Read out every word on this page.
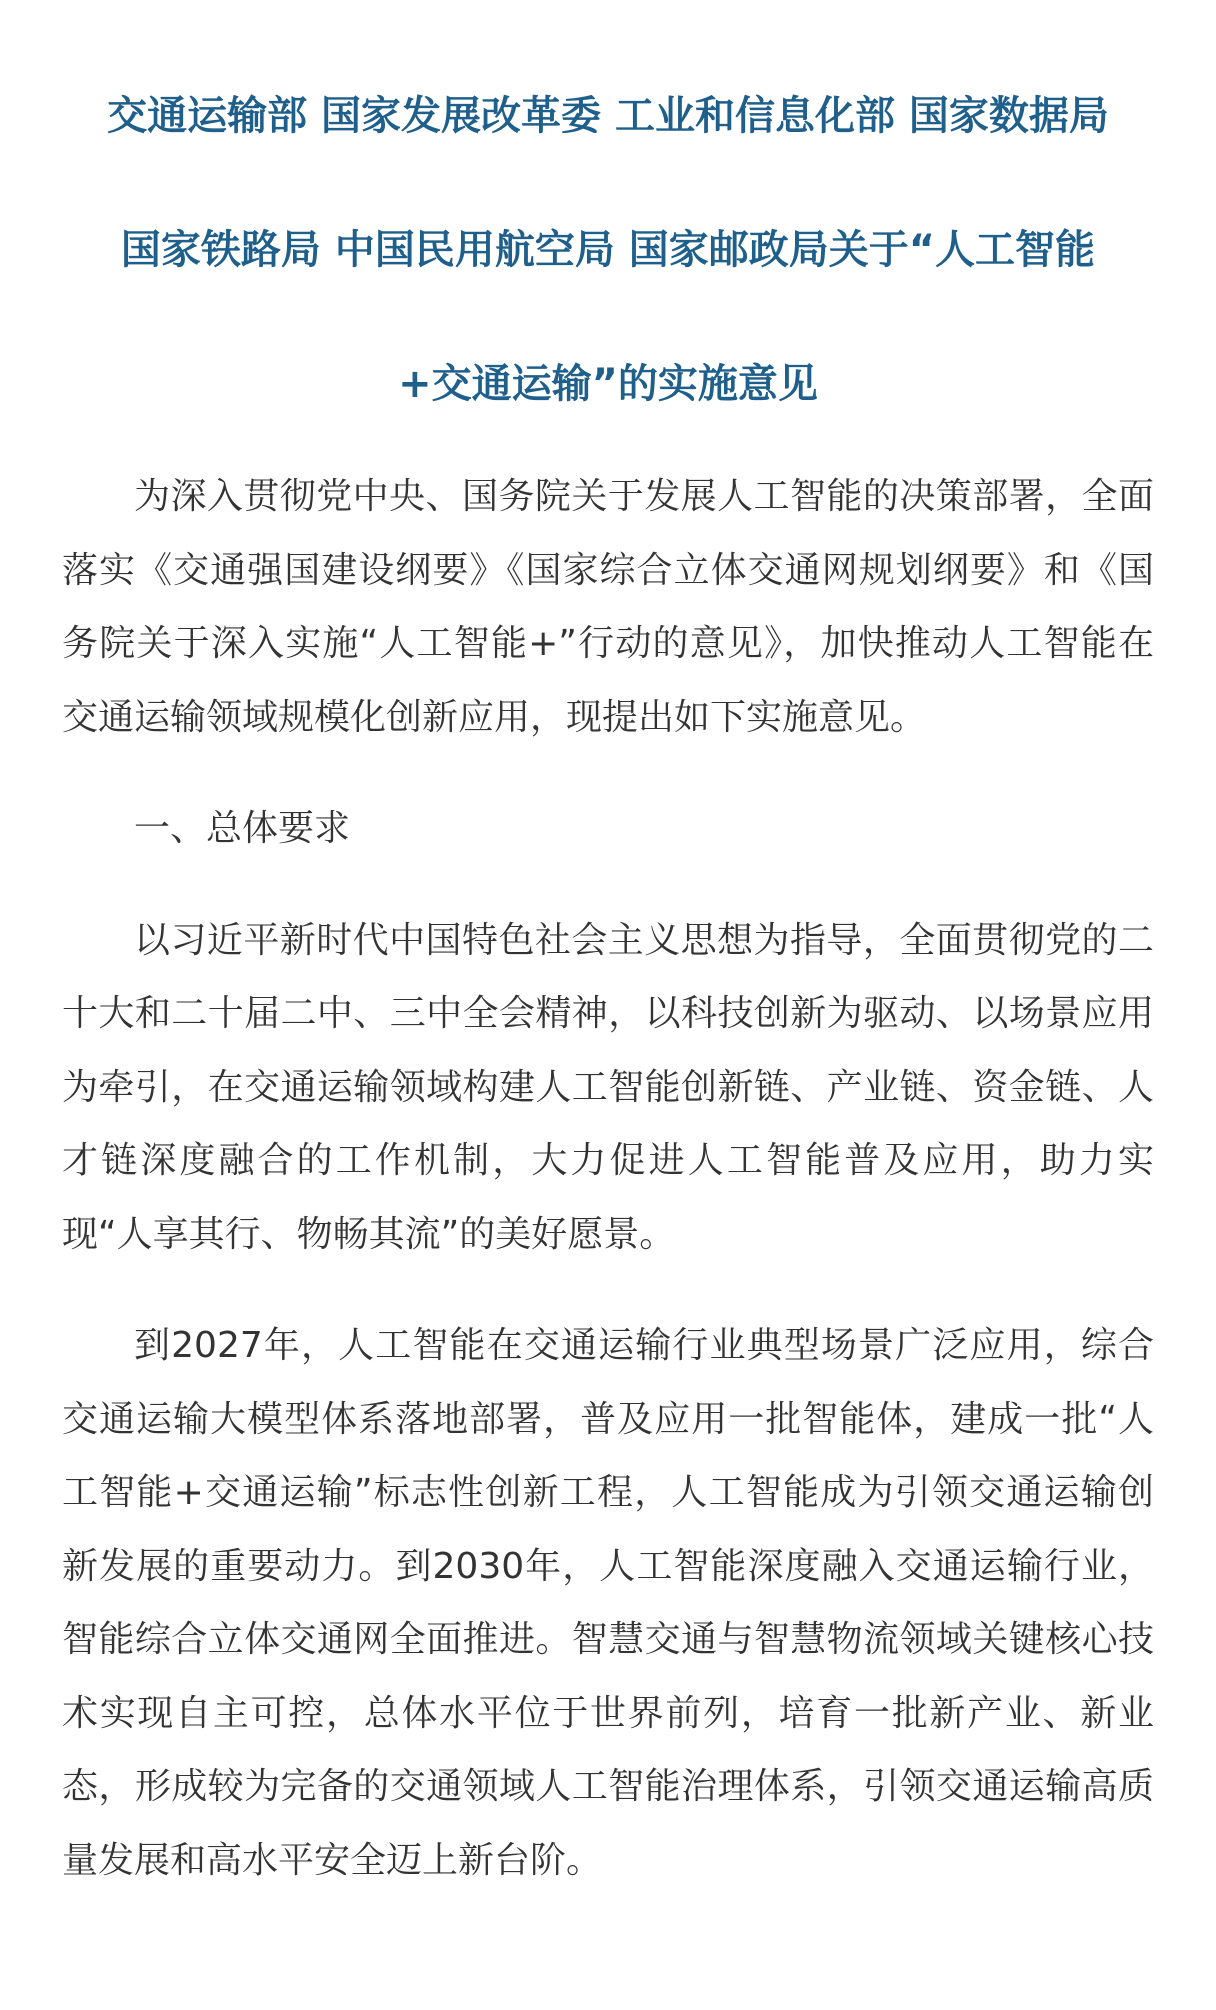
交通运输部 国家发展改革委 工业和信息化部 国家数据局
国家铁路局 中国民用航空局 国家邮政局关于“人工智能
+交通运输”的实施意见

为深入贯彻党中央、国务院关于发展人工智能的决策部署，全面落实《交通强国建设纲要》《国家综合立体交通网规划纲要》和《国务院关于深入实施“人工智能+”行动的意见》，加快推动人工智能在交通运输领域规模化创新应用，现提出如下实施意见。

一、总体要求

以习近平新时代中国特色社会主义思想为指导，全面贯彻党的二十大和二十届二中、三中全会精神，以科技创新为驱动、以场景应用为牵引，在交通运输领域构建人工智能创新链、产业链、资金链、人才链深度融合的工作机制，大力促进人工智能普及应用，助力实现“人享其行、物畅其流”的美好愿景。

到2027年，人工智能在交通运输行业典型场景广泛应用，综合交通运输大模型体系落地部署，普及应用一批智能体，建成一批“人工智能+交通运输”标志性创新工程，人工智能成为引领交通运输创新发展的重要动力。到2030年，人工智能深度融入交通运输行业，智能综合立体交通网全面推进。智慧交通与智慧物流领域关键核心技术实现自主可控，总体水平位于世界前列，培育一批新产业、新业态，形成较为完备的交通领域人工智能治理体系，引领交通运输高质量发展和高水平安全迈上新台阶。
